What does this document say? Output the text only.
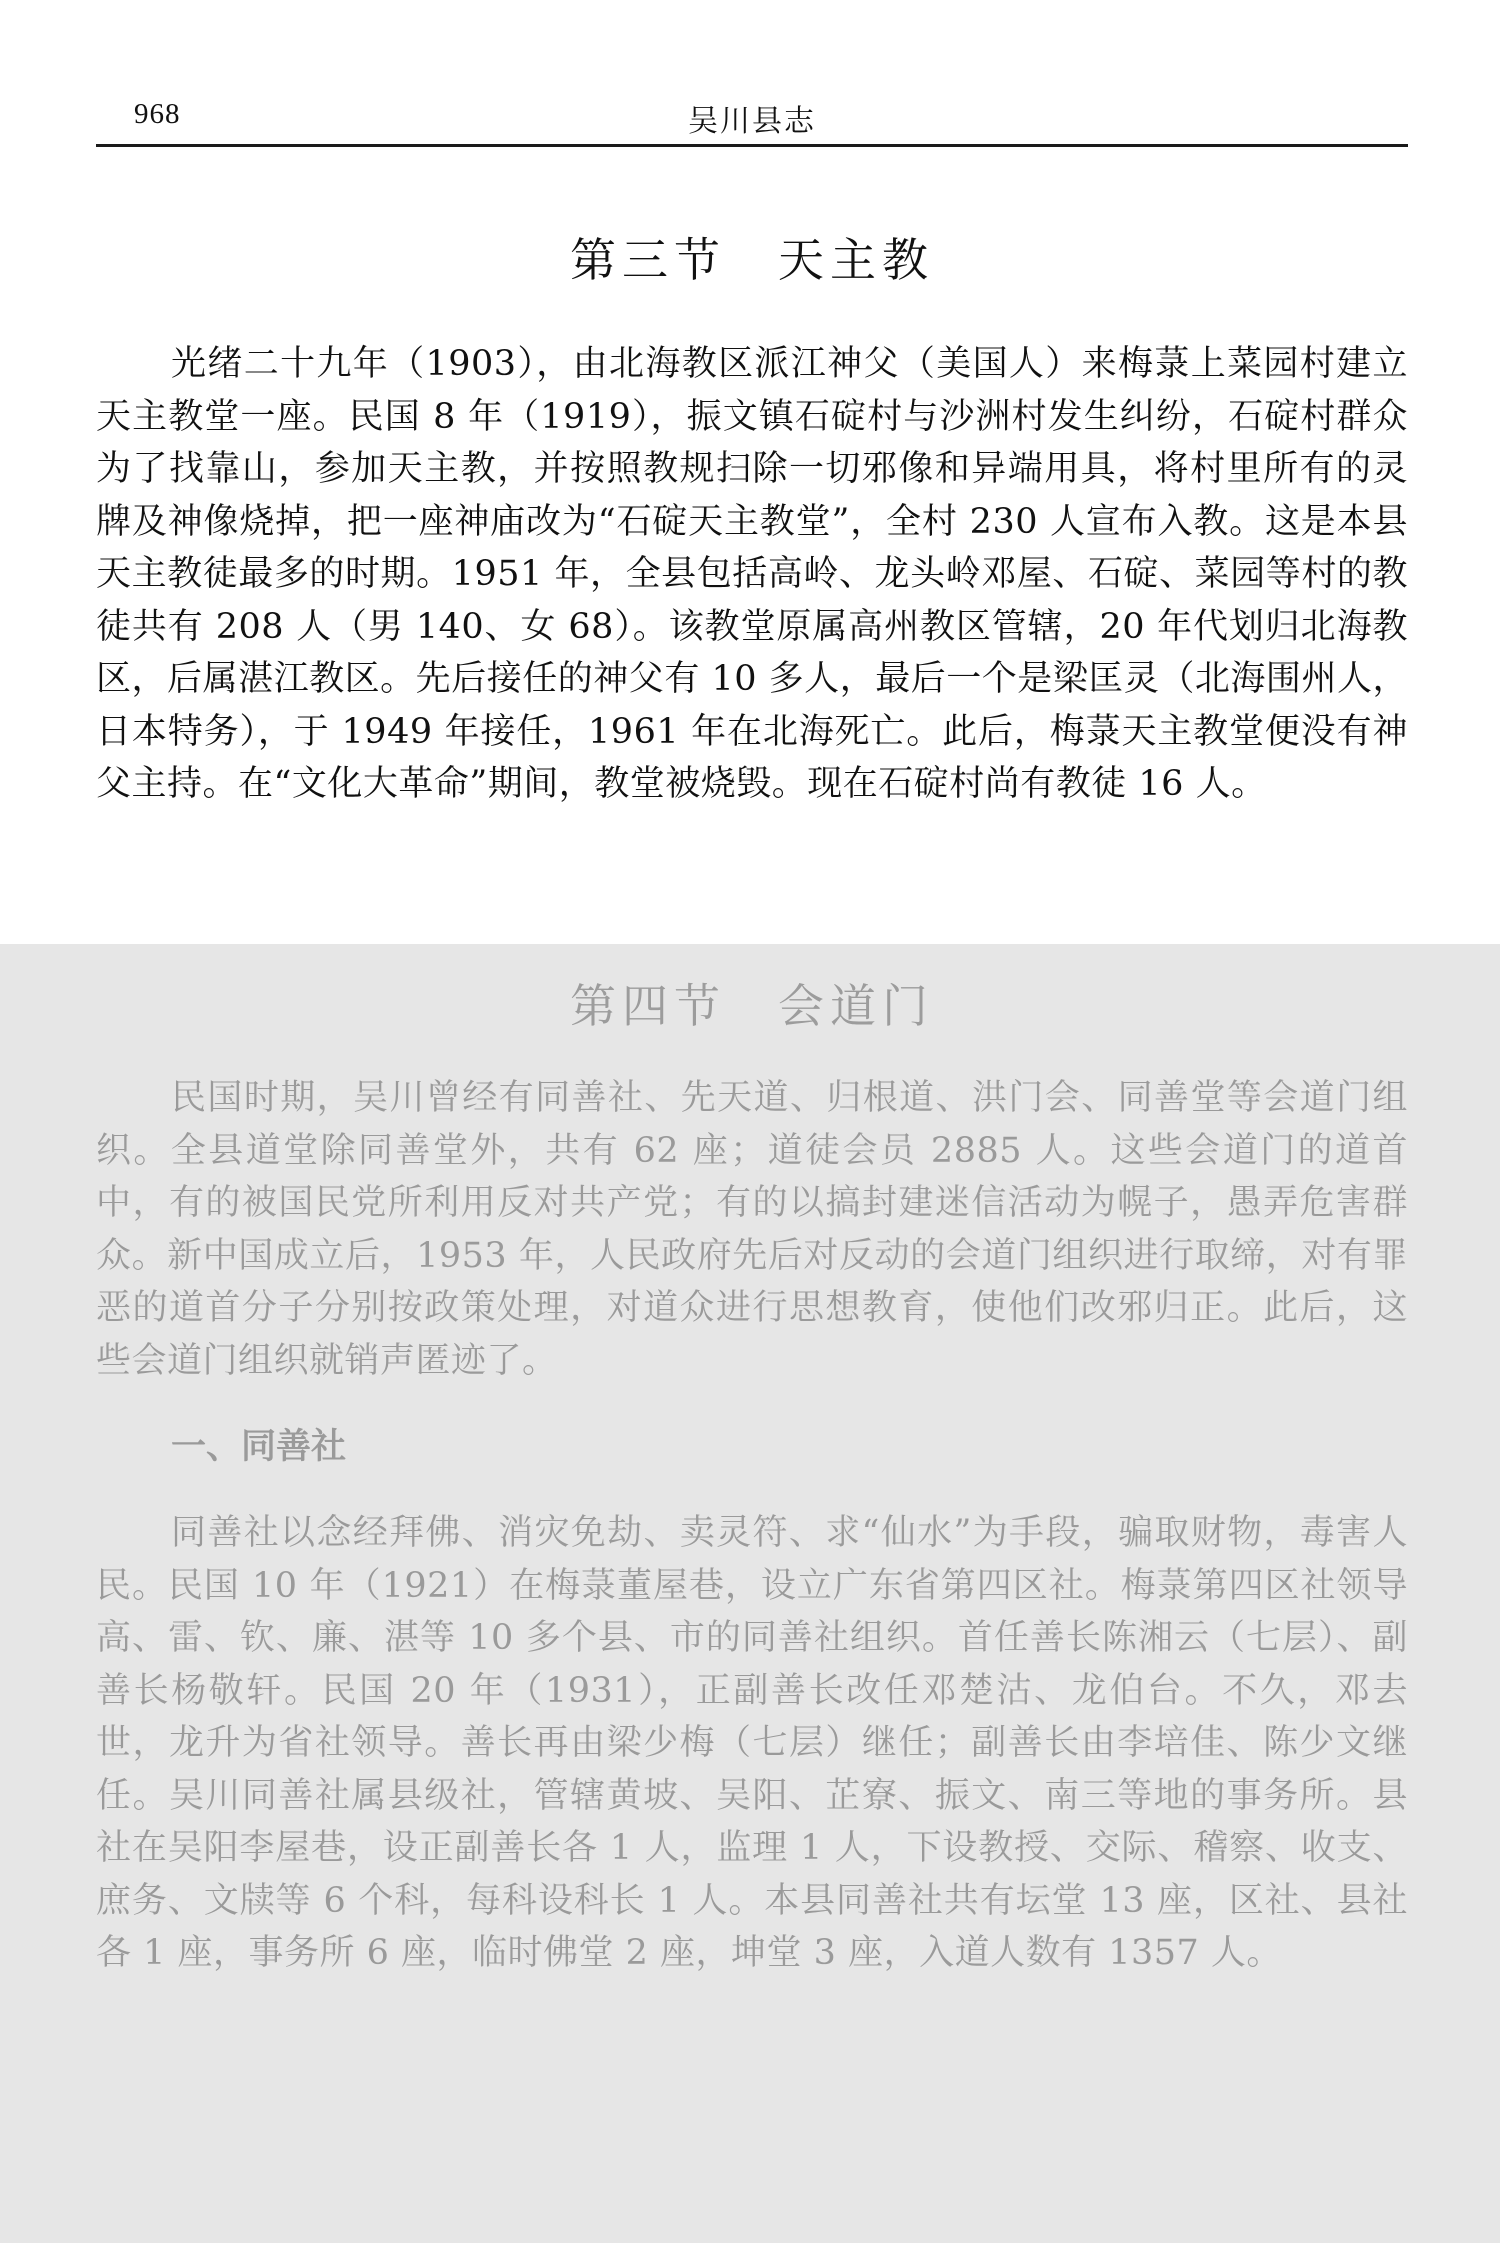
968	吴川县志
第三节　天主教

光绪二十九年（1903），由北海教区派江神父（美国人）来梅菉上菜园村建立天主教堂一座。民国 8 年（1919），振文镇石碇村与沙洲村发生纠纷，石碇村群众为了找靠山，参加天主教，并按照教规扫除一切邪像和异端用具，将村里所有的灵牌及神像烧掉，把一座神庙改为“石碇天主教堂”，全村 230 人宣布入教。这是本县天主教徒最多的时期。1951 年，全县包括高岭、龙头岭邓屋、石碇、菜园等村的教徒共有 208 人（男 140、女 68）。该教堂原属高州教区管辖，20 年代划归北海教区，后属湛江教区。先后接任的神父有 10 多人，最后一个是梁匡灵（北海围州人，日本特务），于 1949 年接任，1961 年在北海死亡。此后，梅菉天主教堂便没有神父主持。在“文化大革命”期间，教堂被烧毁。现在石碇村尚有教徒 16 人。

第四节　会道门

民国时期，吴川曾经有同善社、先天道、归根道、洪门会、同善堂等会道门组织。全县道堂除同善堂外，共有 62 座；道徒会员 2885 人。这些会道门的道首中，有的被国民党所利用反对共产党；有的以搞封建迷信活动为幌子，愚弄危害群众。新中国成立后，1953 年，人民政府先后对反动的会道门组织进行取缔，对有罪恶的道首分子分别按政策处理，对道众进行思想教育，使他们改邪归正。此后，这些会道门组织就销声匿迹了。

一、同善社

同善社以念经拜佛、消灾免劫、卖灵符、求“仙水”为手段，骗取财物，毒害人民。民国 10 年（1921）在梅菉董屋巷，设立广东省第四区社。梅菉第四区社领导高、雷、钦、廉、湛等 10 多个县、市的同善社组织。首任善长陈湘云（七层）、副善长杨敬轩。民国 20 年（1931），正副善长改任邓楚沽、龙伯台。不久，邓去世，龙升为省社领导。善长再由梁少梅（七层）继任；副善长由李培佳、陈少文继任。吴川同善社属县级社，管辖黄坡、吴阳、芷寮、振文、南三等地的事务所。县社在吴阳李屋巷，设正副善长各 1 人，监理 1 人，下设教授、交际、稽察、收支、庶务、文牍等 6 个科，每科设科长 1 人。本县同善社共有坛堂 13 座，区社、县社各 1 座，事务所 6 座，临时佛堂 2 座，坤堂 3 座，入道人数有 1357 人。
